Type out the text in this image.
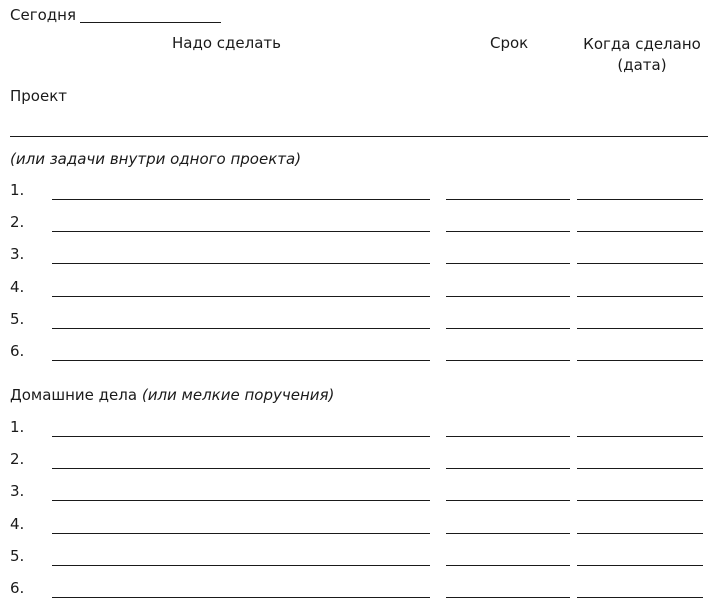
Сегодня
Надо сделать	Срок	Когда сделано
(дата)
Проект
(или задачи внутри одного проекта)
1.
2.
3.
4.
5.
6.
Домашние дела (или мелкие поручения)
1.
2.
3.
4.
5.
6.
